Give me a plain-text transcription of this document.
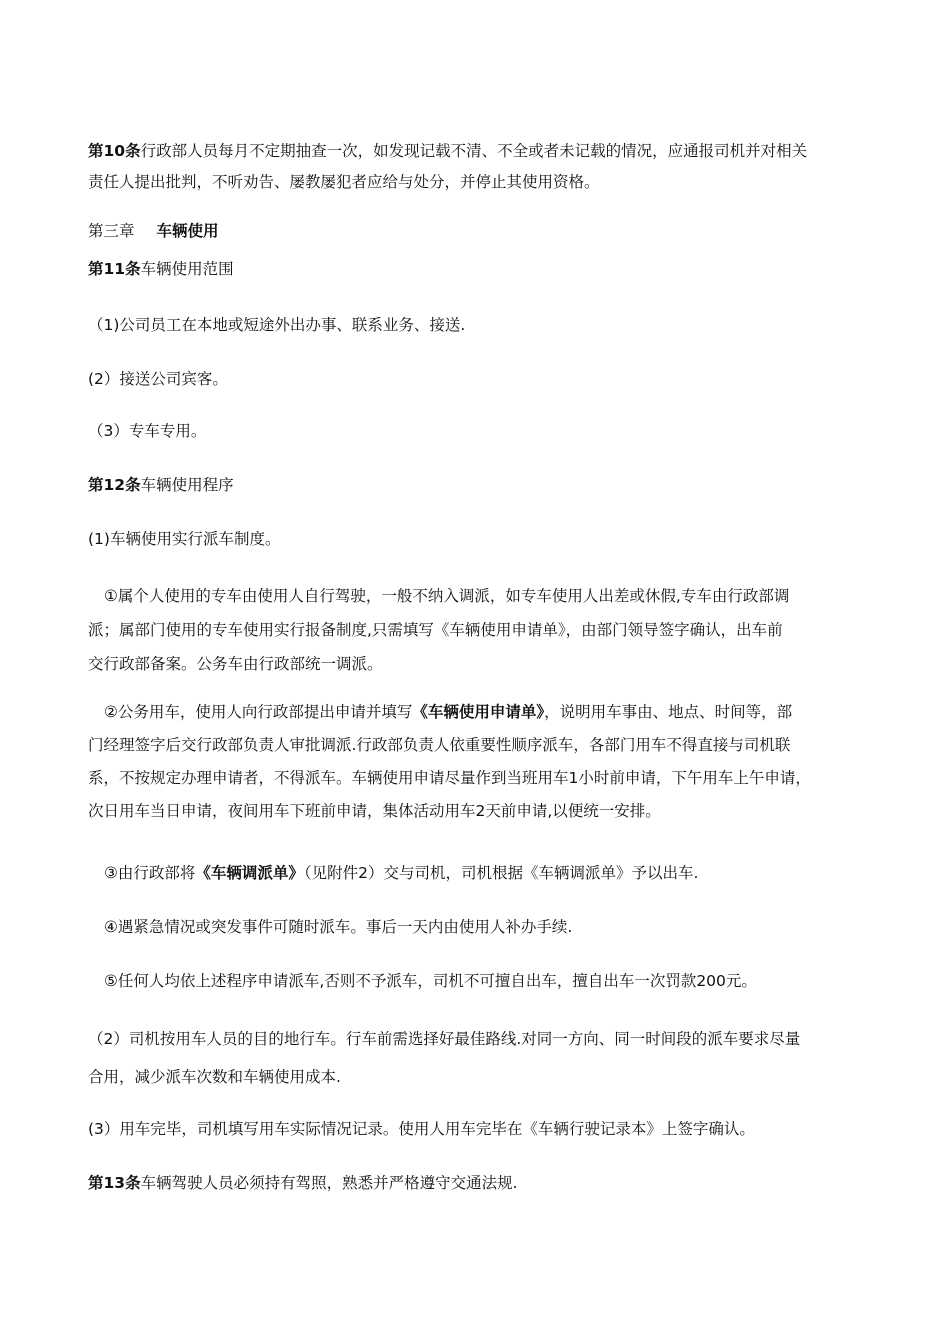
第10条行政部人员每月不定期抽查一次，如发现记载不清、不全或者未记载的情况，应通报司机并对相关
责任人提出批判，不听劝告、屡教屡犯者应给与处分，并停止其使用资格。

第三章 车辆使用

第11条车辆使用范围

（1)公司员工在本地或短途外出办事、联系业务、接送.

(2）接送公司宾客。

（3）专车专用。

第12条车辆使用程序

(1)车辆使用实行派车制度。

①属个人使用的专车由使用人自行驾驶，一般不纳入调派，如专车使用人出差或休假,专车由行政部调
派；属部门使用的专车使用实行报备制度,只需填写《车辆使用申请单》，由部门领导签字确认，出车前
交行政部备案。公务车由行政部统一调派。

②公务用车，使用人向行政部提出申请并填写《车辆使用申请单》，说明用车事由、地点、时间等，部
门经理签字后交行政部负责人审批调派.行政部负责人依重要性顺序派车，各部门用车不得直接与司机联
系，不按规定办理申请者，不得派车。车辆使用申请尽量作到当班用车1小时前申请，下午用车上午申请，
次日用车当日申请，夜间用车下班前申请，集体活动用车2天前申请,以便统一安排。

③由行政部将《车辆调派单》（见附件2）交与司机，司机根据《车辆调派单》予以出车.

④遇紧急情况或突发事件可随时派车。事后一天内由使用人补办手续.

⑤任何人均依上述程序申请派车,否则不予派车，司机不可擅自出车，擅自出车一次罚款200元。

（2）司机按用车人员的目的地行车。行车前需选择好最佳路线.对同一方向、同一时间段的派车要求尽量
合用，减少派车次数和车辆使用成本.

(3）用车完毕，司机填写用车实际情况记录。使用人用车完毕在《车辆行驶记录本》上签字确认。

第13条车辆驾驶人员必须持有驾照，熟悉并严格遵守交通法规.
